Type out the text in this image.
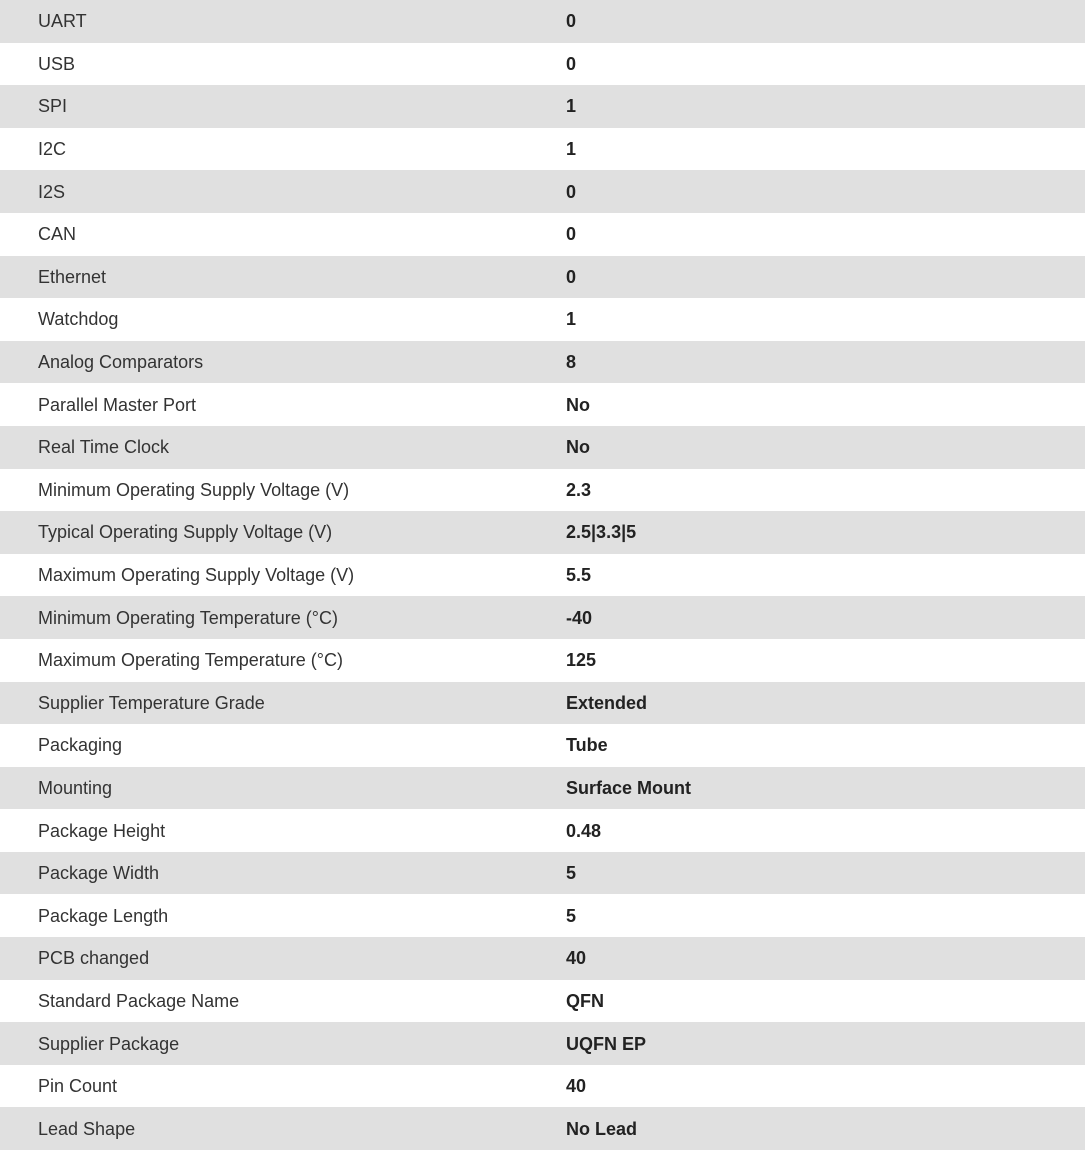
UART	0
USB	0
SPI	1
I2C	1
I2S	0
CAN	0
Ethernet	0
Watchdog	1
Analog Comparators	8
Parallel Master Port	No
Real Time Clock	No
Minimum Operating Supply Voltage (V)	2.3
Typical Operating Supply Voltage (V)	2.5|3.3|5
Maximum Operating Supply Voltage (V)	5.5
Minimum Operating Temperature (°C)	-40
Maximum Operating Temperature (°C)	125
Supplier Temperature Grade	Extended
Packaging	Tube
Mounting	Surface Mount
Package Height	0.48
Package Width	5
Package Length	5
PCB changed	40
Standard Package Name	QFN
Supplier Package	UQFN EP
Pin Count	40
Lead Shape	No Lead
